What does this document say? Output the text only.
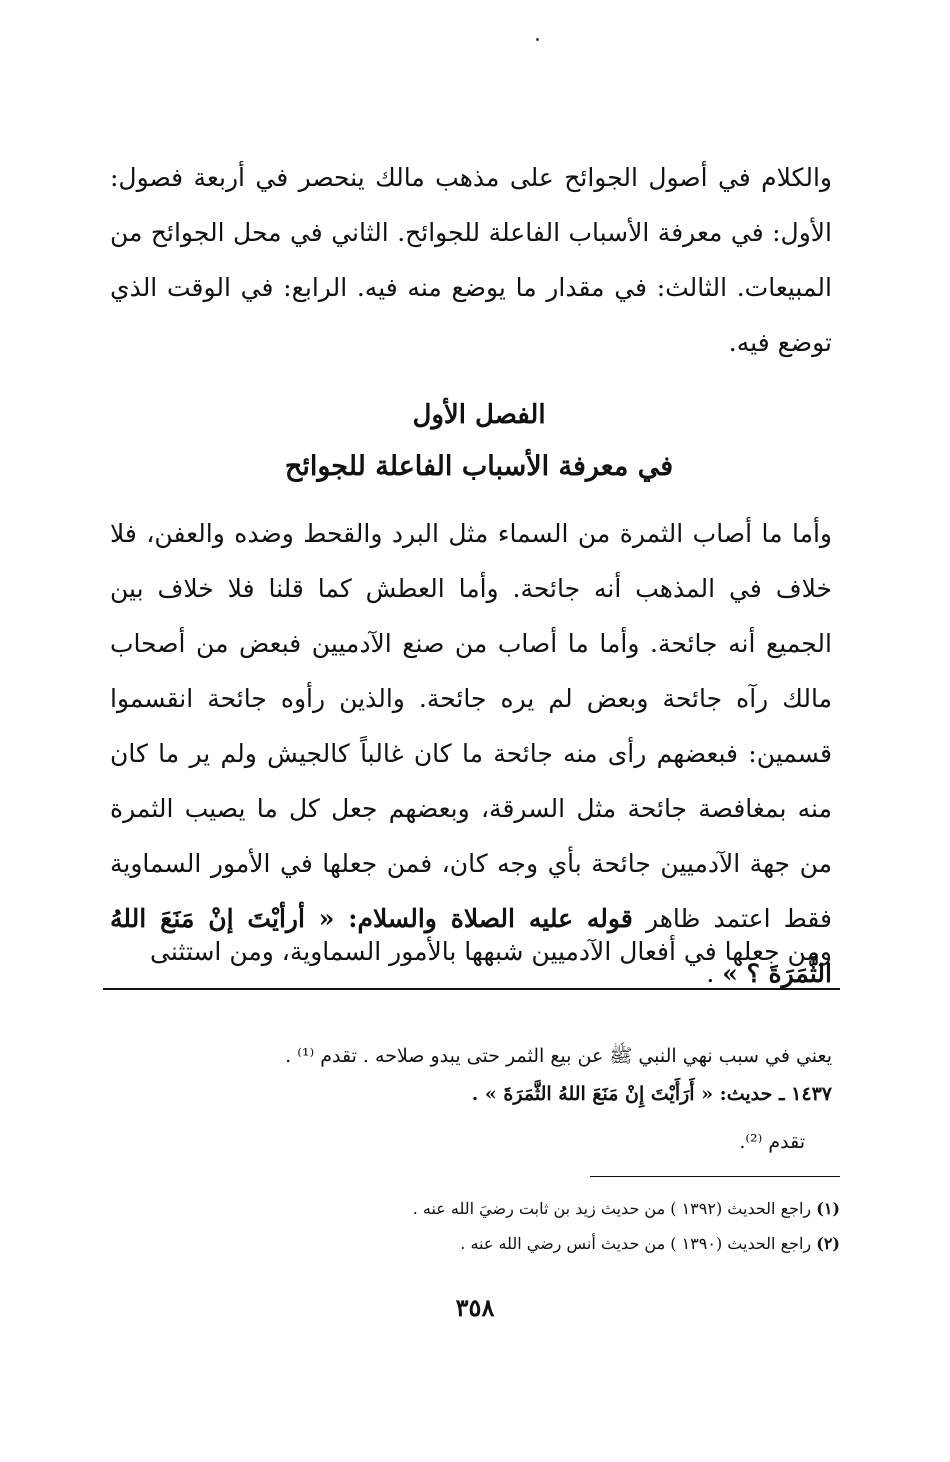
والكلام في أصول الجوائح على مذهب مالك ينحصر في أربعة فصول: الأول: في معرفة الأسباب الفاعلة للجوائح. الثاني في محل الجوائح من المبيعات. الثالث: في مقدار ما يوضع منه فيه. الرابع: في الوقت الذي توضع فيه.

الفصل الأول
في معرفة الأسباب الفاعلة للجوائح

وأما ما أصاب الثمرة من السماء مثل البرد والقحط وضده والعفن، فلا خلاف في المذهب أنه جائحة. وأما العطش كما قلنا فلا خلاف بين الجميع أنه جائحة. وأما ما أصاب من صنع الآدميين فبعض من أصحاب مالك رآه جائحة وبعض لم يره جائحة. والذين رأوه جائحة انقسموا قسمين: فبعضهم رأى منه جائحة ما كان غالباً كالجيش ولم ير ما كان منه بمغافصة جائحة مثل السرقة، وبعضهم جعل كل ما يصيب الثمرة من جهة الآدميين جائحة بأي وجه كان، فمن جعلها في الأمور السماوية فقط اعتمد ظاهر قوله عليه الصلاة والسلام: « أرأيْتَ إنْ مَنَعَ اللهُ الثَّمَرَةَ ؟ » .

ومن جعلها في أفعال الآدميين شبهها بالأمور السماوية، ومن استثنى

يعني في سبب نهي النبي ﷺ عن بيع الثمر حتى يبدو صلاحه . تقدم ⁽¹⁾ .

١٤٣٧ ـ حديث: « أَرَأَيْتَ إِنْ مَنَعَ اللهُ الثَّمَرَةَ » .

تقدم ⁽²⁾.

(١) راجع الحديث (١٣٩٢ ) من حديث زيد بن ثابت رضيَ الله عنه .

(٢) راجع الحديث (١٣٩٠ ) من حديث أنس رضي الله عنه .

٣٥٨
